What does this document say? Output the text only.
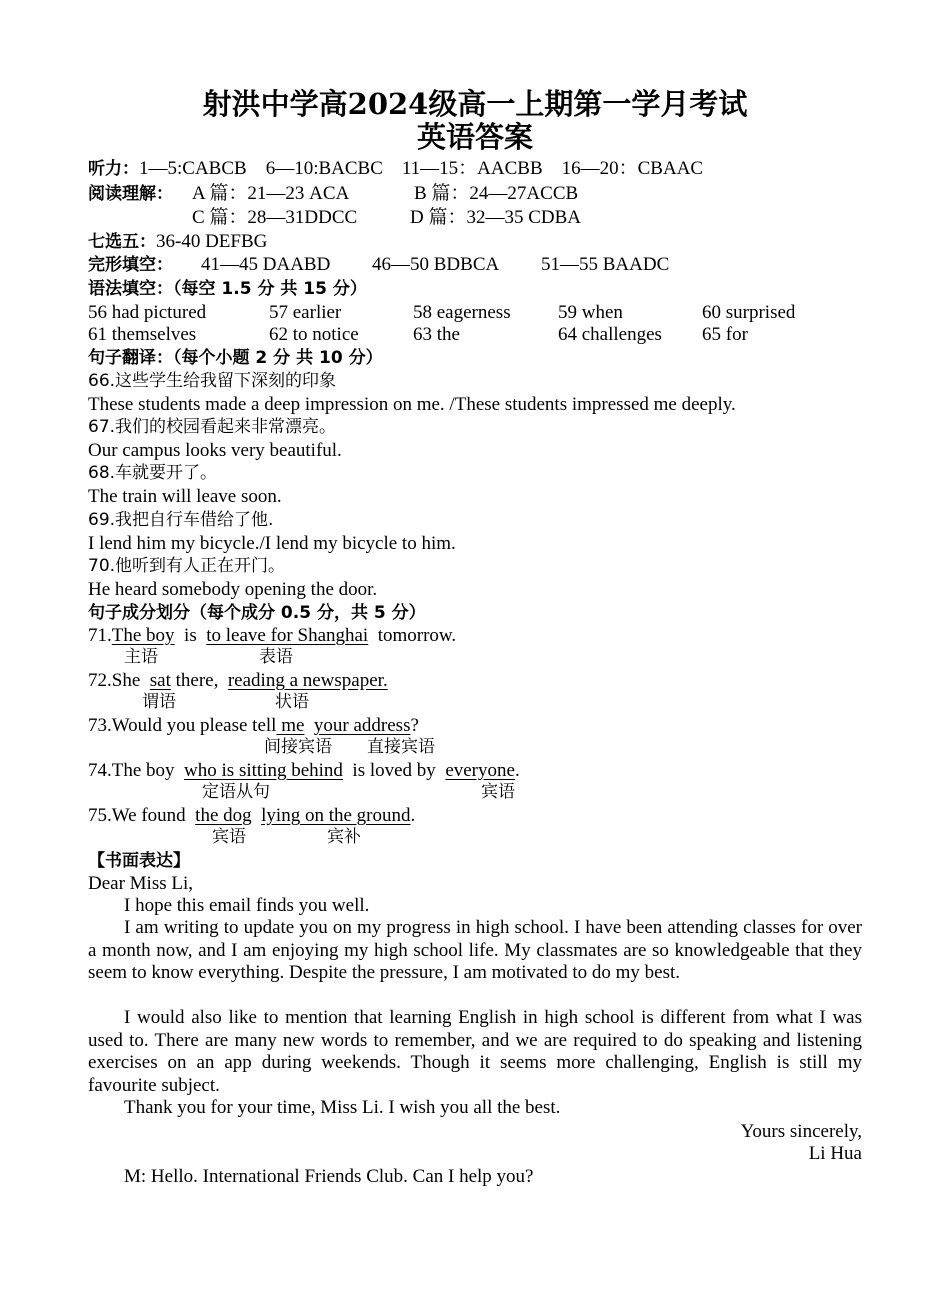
射洪中学高2024级高一上期第一学月考试
英语答案
听力：1—5:CABCB    6—10:BACBC    11—15：AACBB    16—20：CBAAC
阅读理解： A 篇：21—23 ACA	B 篇：24—27ACCB
C 篇：28—31DDCC	D 篇：32—35 CDBA
七选五：36-40 DEFBG
完形填空： 41—45 DAABD 46—50 BDBCA 51—55 BAADC
语法填空：（每空 1.5 分 共 15 分）
56 had pictured	57 earlier	58 eagerness 59 when	60 surprised
61 themselves	62 to notice	63 the	64 challenges 65 for
句子翻译：（每个小题 2 分 共 10 分）
66.这些学生给我留下深刻的印象
These students made a deep impression on me. /These students impressed me deeply.
67.我们的校园看起来非常漂亮。
Our campus looks very beautiful.
68.车就要开了。
The train will leave soon.
69.我把自行车借给了他.
I lend him my bicycle./I lend my bicycle to him.
70.他听到有人正在开门。
He heard somebody opening the door.
句子成分划分（每个成分 0.5 分，共 5 分）
71.The boy is to leave for Shanghai tomorrow.
主语	表语
72.She sat there, reading a newspaper.
谓语	状语
73.Would you please tell me your address?
间接宾语 直接宾语
74.The boy who is sitting behind is loved by everyone.
定语从句	宾语
75.We found the dog lying on the ground.
宾语	宾补
【书面表达】
Dear Miss Li,
I hope this email finds you well.
I am writing to update you on my progress in high school. I have been attending classes for over a month now, and I am enjoying my high school life. My classmates are so knowledgeable that they seem to know everything. Despite the pressure, I am motivated to do my best.
I would also like to mention that learning English in high school is different from what I was used to. There are many new words to remember, and we are required to do speaking and listening exercises on an app during weekends. Though it seems more challenging, English is still my favourite subject.
Thank you for your time, Miss Li. I wish you all the best.
Yours sincerely,
Li Hua
M: Hello. International Friends Club. Can I help you?
